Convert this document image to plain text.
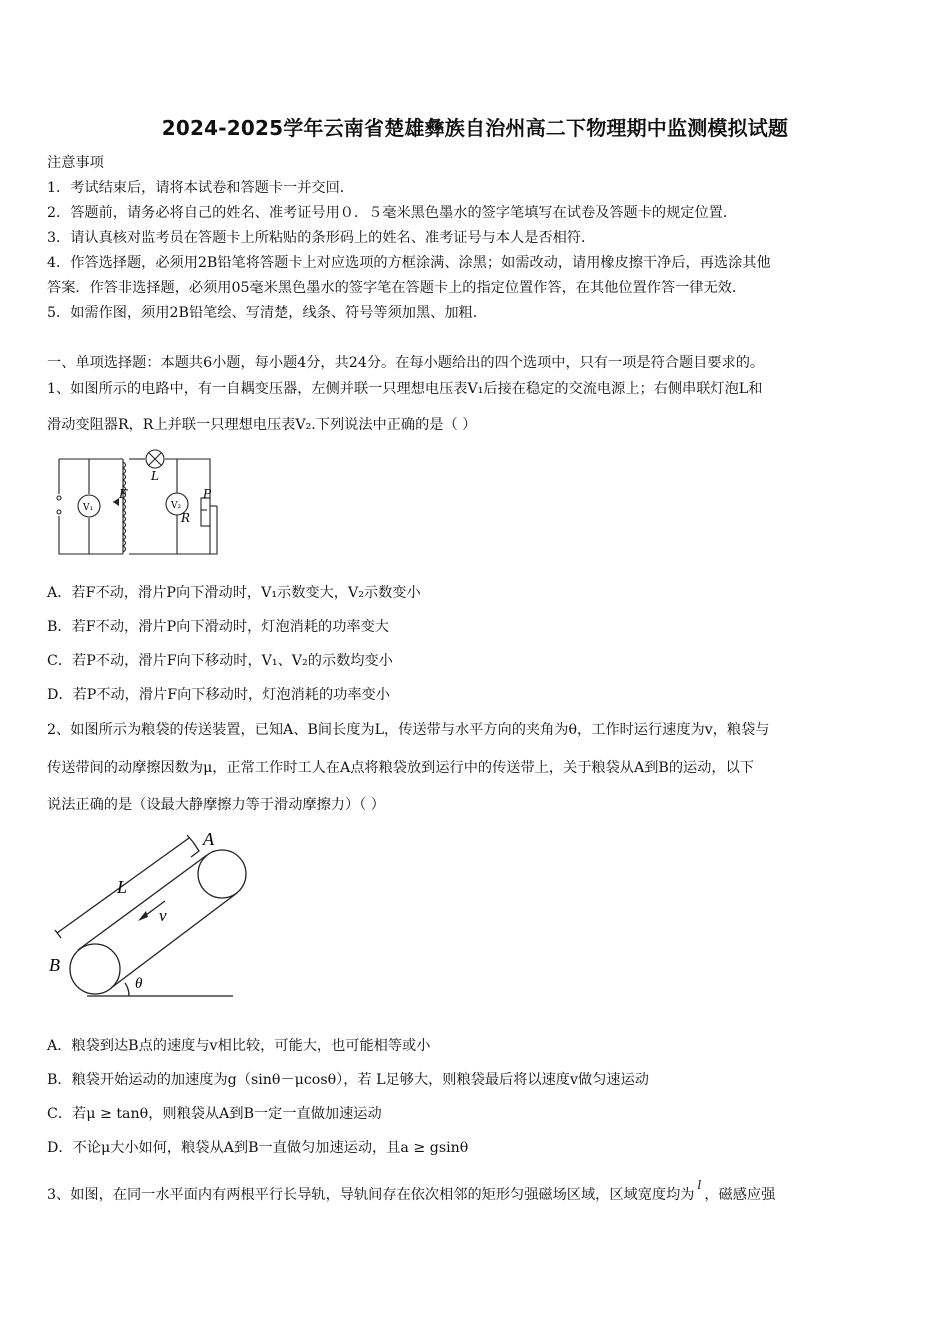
2024-2025学年云南省楚雄彝族自治州高二下物理期中监测模拟试题
注意事项
1．考试结束后，请将本试卷和答题卡一并交回．
2．答题前，请务必将自己的姓名、准考证号用０．５毫米黑色墨水的签字笔填写在试卷及答题卡的规定位置．
3．请认真核对监考员在答题卡上所粘贴的条形码上的姓名、准考证号与本人是否相符．
4．作答选择题，必须用2B铅笔将答题卡上对应选项的方框涂满、涂黑；如需改动，请用橡皮擦干净后，再选涂其他
答案．作答非选择题，必须用05毫米黑色墨水的签字笔在答题卡上的指定位置作答，在其他位置作答一律无效．
5．如需作图，须用2B铅笔绘、写清楚，线条、符号等须加黑、加粗．
一、单项选择题：本题共6小题，每小题4分，共24分。在每小题给出的四个选项中，只有一项是符合题目要求的。
1、如图所示的电路中，有一自耦变压器，左侧并联一只理想电压表V₁后接在稳定的交流电源上；右侧串联灯泡L和
滑动变阻器R，R上并联一只理想电压表V₂.下列说法中正确的是（ ）
V₁	V₂
F
L
R
P
A．若F不动，滑片P向下滑动时，V₁示数变大，V₂示数变小
B．若F不动，滑片P向下滑动时，灯泡消耗的功率变大
C．若P不动，滑片F向下移动时，V₁、V₂的示数均变小
D．若P不动，滑片F向下移动时，灯泡消耗的功率变小
2、如图所示为粮袋的传送装置，已知A、B间长度为L，传送带与水平方向的夹角为θ，工作时运行速度为v，粮袋与
传送带间的动摩擦因数为μ，正常工作时工人在A点将粮袋放到运行中的传送带上，关于粮袋从A到B的运动，以下
说法正确的是（设最大静摩擦力等于滑动摩擦力）（ ）
A
B
L
v
θ
A．粮袋到达B点的速度与v相比较，可能大，也可能相等或小
B．粮袋开始运动的加速度为g（sinθ－μcosθ），若 L足够大，则粮袋最后将以速度v做匀速运动
C．若μ ≥ tanθ，则粮袋从A到B一定一直做加速运动
D．不论μ大小如何，粮袋从A到B一直做匀加速运动，且a ≥ gsinθ
3、如图，在同一水平面内有两根平行长导轨，导轨间存在依次相邻的矩形匀强磁场区域，区域宽度均为$^l$，磁感应强
